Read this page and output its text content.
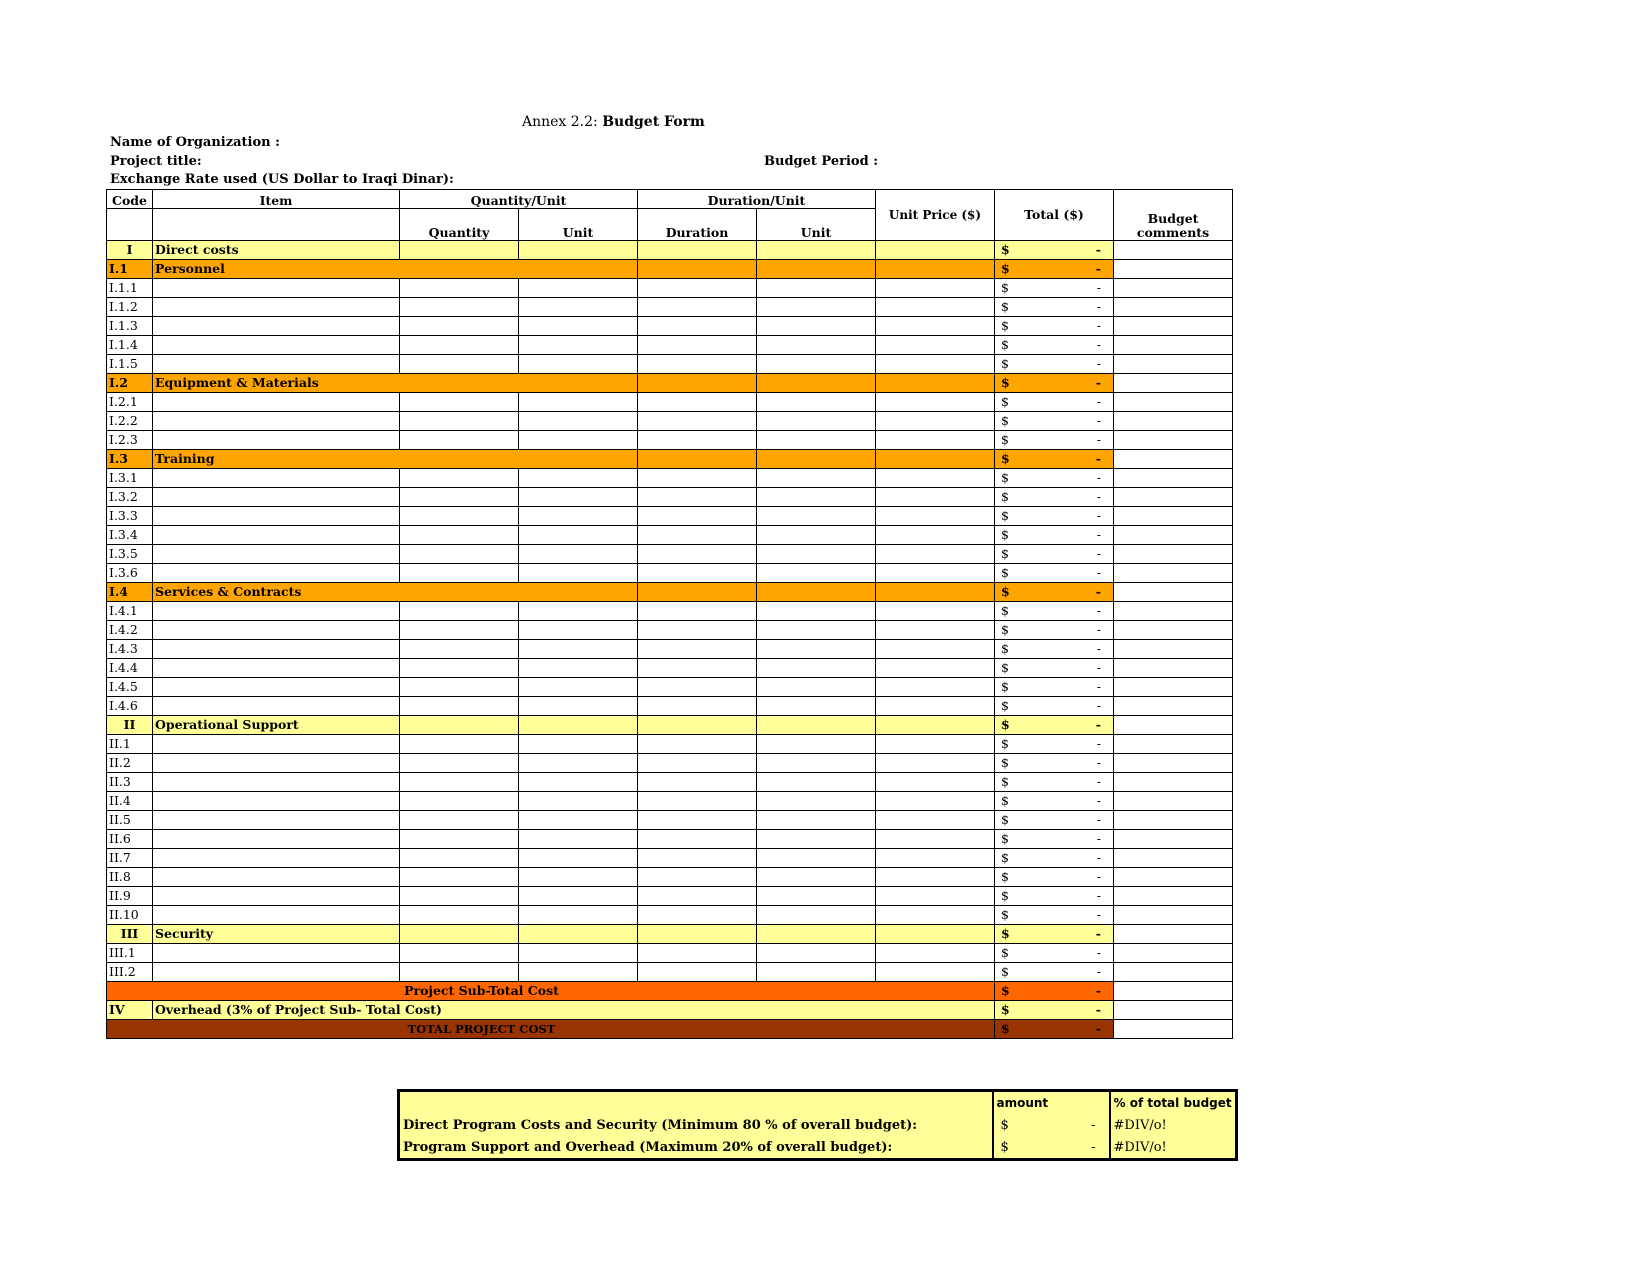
Annex 2.2: Budget Form
Name of Organization :
Project title:	Budget Period :
Exchange Rate used (US Dollar to Iraqi Dinar):
Code	Item	Quantity/Unit		Duration/Unit		Unit Price ($)	Total ($)	Budget comments
		Quantity	Unit	Duration	Unit			
I	Direct costs						$ -	

I.1	Personnel						$ -	

I.1.1							$ -	

I.1.2							$ -	

I.1.3							$ -	

I.1.4							$ -	

I.1.5							$ -	

I.2	Equipment & Materials						$ -	

I.2.1							$ -	

I.2.2							$ -	

I.2.3							$ -	

I.3	Training						$ -	

I.3.1							$ -	

I.3.2							$ -	

I.3.3							$ -	

I.3.4							$ -	

I.3.5							$ -	

I.3.6							$ -	

I.4	Services & Contracts						$ -	

I.4.1							$ -	

I.4.2							$ -	

I.4.3							$ -	

I.4.4							$ -	

I.4.5							$ -	

I.4.6							$ -	

II	Operational Support						$ -	

II.1							$ -	

II.2							$ -	

II.3							$ -	

II.4							$ -	

II.5							$ -	

II.6							$ -	

II.7							$ -	

II.8							$ -	

II.9							$ -	

II.10							$ -	

III	Security						$ -	

III.1							$ -	

III.2							$ -	

Project Sub-Total Cost							$ -	

IV	Overhead (3% of Project Sub- Total Cost)						$ -	

TOTAL PROJECT COST							$ -	

	amount	% of total budget
Direct Program Costs and Security (Minimum 80 % of overall budget):	$ -	#DIV/o!
Program Support and Overhead (Maximum 20% of overall budget):	$ -	#DIV/o!
